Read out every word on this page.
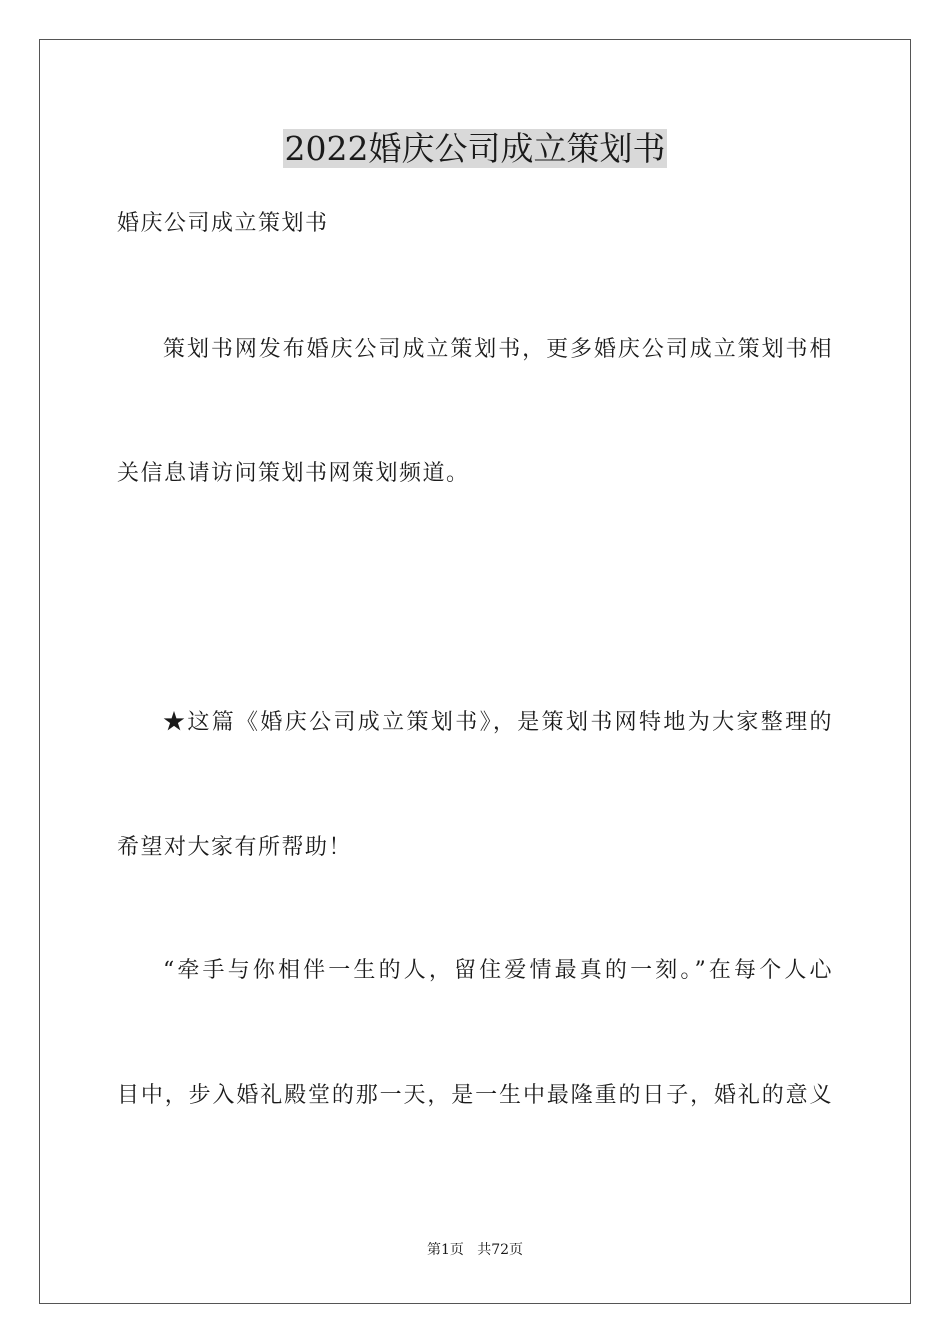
2022婚庆公司成立策划书

婚庆公司成立策划书

策划书网发布婚庆公司成立策划书，更多婚庆公司成立策划书相

关信息请访问策划书网策划频道。

★这篇《婚庆公司成立策划书》，是策划书网特地为大家整理的

希望对大家有所帮助！

“牵手与你相伴一生的人，留住爱情最真的一刻。”在每个人心

目中，步入婚礼殿堂的那一天，是一生中最隆重的日子，婚礼的意义

第1页   共72页
